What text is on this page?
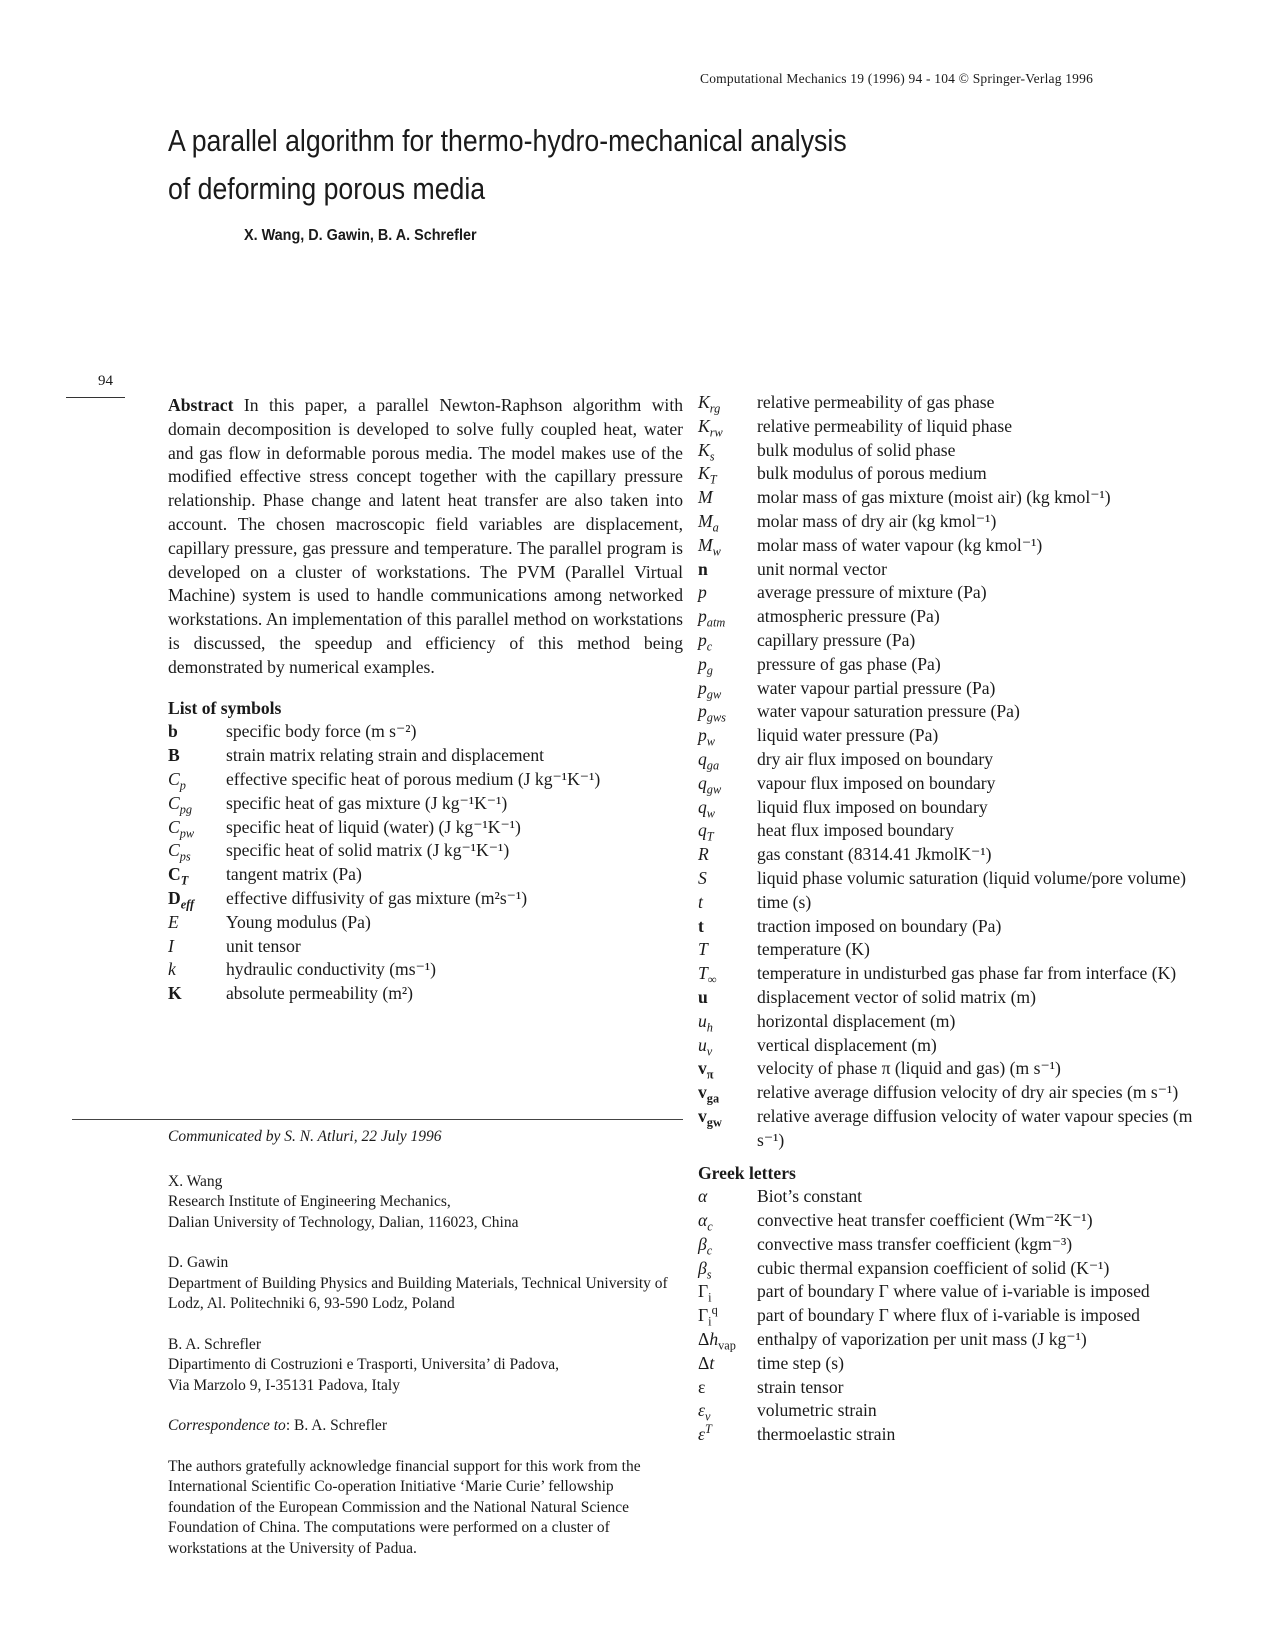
Computational Mechanics 19 (1996) 94 - 104 © Springer-Verlag 1996
A parallel algorithm for thermo-hydro-mechanical analysis
of deforming porous media
X. Wang, D. Gawin, B. A. Schrefler
94

Abstract In this paper, a parallel Newton-Raphson algorithm with domain decomposition is developed to solve fully coupled heat, water and gas flow in deformable porous media. The model makes use of the modified effective stress concept together with the capillary pressure relationship. Phase change and latent heat transfer are also taken into account. The chosen macroscopic field variables are displacement, capillary pressure, gas pressure and temperature. The parallel program is developed on a cluster of workstations. The PVM (Parallel Virtual Machine) system is used to handle communications among networked workstations. An implementation of this parallel method on workstations is discussed, the speedup and efficiency of this method being demonstrated by numerical examples.

List of symbols
b	specific body force (m s⁻²)
B	strain matrix relating strain and displacement
$C_p$	effective specific heat of porous medium (J kg⁻¹K⁻¹)
$C_{pg}$	specific heat of gas mixture (J kg⁻¹K⁻¹)
$C_{pw}$	specific heat of liquid (water) (J kg⁻¹K⁻¹)
$C_{ps}$	specific heat of solid matrix (J kg⁻¹K⁻¹)
$C_T$	tangent matrix (Pa)
$D_{eff}$	effective diffusivity of gas mixture (m²s⁻¹)
E	Young modulus (Pa)
I	unit tensor
k	hydraulic conductivity (ms⁻¹)
K	absolute permeability (m²)

Communicated by S. N. Atluri, 22 July 1996

X. Wang
Research Institute of Engineering Mechanics,
Dalian University of Technology, Dalian, 116023, China

D. Gawin
Department of Building Physics and Building Materials, Technical University of Lodz, Al. Politechniki 6, 93-590 Lodz, Poland

B. A. Schrefler
Dipartimento di Costruzioni e Trasporti, Universita’ di Padova,
Via Marzolo 9, I-35131 Padova, Italy

Correspondence to: B. A. Schrefler

The authors gratefully acknowledge financial support for this work from the International Scientific Co-operation Initiative ‘Marie Curie’ fellowship foundation of the European Commission and the National Natural Science Foundation of China. The computations were performed on a cluster of workstations at the University of Padua.

$K_{rg}$	relative permeability of gas phase
$K_{rw}$	relative permeability of liquid phase
$K_s$	bulk modulus of solid phase
$K_T$	bulk modulus of porous medium
M	molar mass of gas mixture (moist air) (kg kmol⁻¹)
$M_a$	molar mass of dry air (kg kmol⁻¹)
$M_w$	molar mass of water vapour (kg kmol⁻¹)
n	unit normal vector
p	average pressure of mixture (Pa)
$p_{atm}$	atmospheric pressure (Pa)
$p_c$	capillary pressure (Pa)
$p_g$	pressure of gas phase (Pa)
$p_{gw}$	water vapour partial pressure (Pa)
$p_{gws}$	water vapour saturation pressure (Pa)
$p_w$	liquid water pressure (Pa)
$q_{ga}$	dry air flux imposed on boundary
$q_{gw}$	vapour flux imposed on boundary
$q_w$	liquid flux imposed on boundary
$q_T$	heat flux imposed boundary
R	gas constant (8314.41 JkmolK⁻¹)
S	liquid phase volumic saturation (liquid volume/pore volume)
t	time (s)
t	traction imposed on boundary (Pa)
T	temperature (K)
$T_\infty$	temperature in undisturbed gas phase far from interface (K)
u	displacement vector of solid matrix (m)
$u_h$	horizontal displacement (m)
$u_v$	vertical displacement (m)
$v_\pi$	velocity of phase π (liquid and gas) (m s⁻¹)
$v_{ga}$	relative average diffusion velocity of dry air species (m s⁻¹)
$v_{gw}$	relative average diffusion velocity of water vapour species (m s⁻¹)
Greek letters
α	Biot’s constant
$\alpha_c$	convective heat transfer coefficient (Wm⁻²K⁻¹)
$\beta_c$	convective mass transfer coefficient (kgm⁻³)
$\beta_s$	cubic thermal expansion coefficient of solid (K⁻¹)
$\Gamma_i$	part of boundary Γ where value of i-variable is imposed
$\Gamma_i^q$	part of boundary Γ where flux of i-variable is imposed
$\Delta h_{vap}$	enthalpy of vaporization per unit mass (J kg⁻¹)
Δt	time step (s)
ε	strain tensor
$\varepsilon_v$	volumetric strain
$\varepsilon^T$	thermoelastic strain
